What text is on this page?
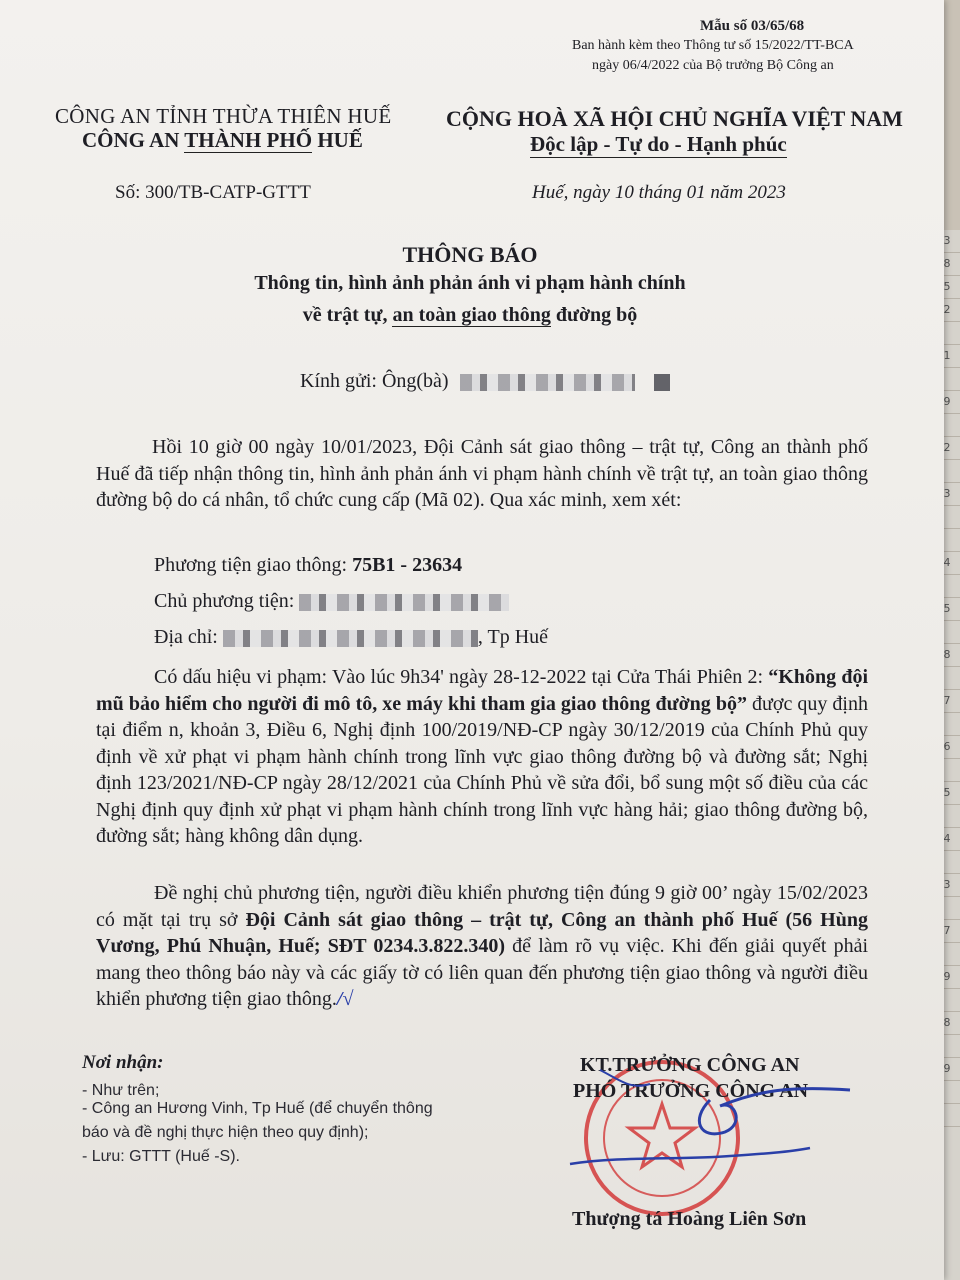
3
8
5
2
1
9
2
3
4
5
8
7
6
5
4
3
7
9
8
9
Mẫu số 03/65/68
Ban hành kèm theo Thông tư số 15/2022/TT-BCA
ngày 06/4/2022 của Bộ trưởng Bộ Công an
CÔNG AN TỈNH THỪA THIÊN HUẾ
CÔNG AN THÀNH PHỐ HUẾ
CỘNG HOÀ XÃ HỘI CHỦ NGHĨA VIỆT NAM
Độc lập - Tự do - Hạnh phúc
Số: 300/TB-CATP-GTTT	Huế, ngày 10 tháng 01 năm 2023
THÔNG BÁO
Thông tin, hình ảnh phản ánh vi phạm hành chính
về trật tự, an toàn giao thông đường bộ
Kính gửi: Ông(bà)
Hồi 10 giờ 00 ngày 10/01/2023, Đội Cảnh sát giao thông – trật tự, Công an thành phố Huế đã tiếp nhận thông tin, hình ảnh phản ánh vi phạm hành chính về trật tự, an toàn giao thông đường bộ do cá nhân, tổ chức cung cấp (Mã 02). Qua xác minh, xem xét:
Phương tiện giao thông: 75B1 - 23634
Chủ phương tiện:
Địa chỉ:	, Tp Huế
Có dấu hiệu vi phạm: Vào lúc 9h34' ngày 28-12-2022 tại Cửa Thái Phiên 2: “Không đội mũ bảo hiểm cho người đi mô tô, xe máy khi tham gia giao thông đường bộ” được quy định tại điểm n, khoản 3, Điều 6, Nghị định 100/2019/NĐ-CP ngày 30/12/2019 của Chính Phủ quy định về xử phạt vi phạm hành chính trong lĩnh vực giao thông đường bộ và đường sắt; Nghị định 123/2021/NĐ-CP ngày 28/12/2021 của Chính Phủ về sửa đổi, bổ sung một số điều của các Nghị định quy định xử phạt vi phạm hành chính trong lĩnh vực hàng hải; giao thông đường bộ, đường sắt; hàng không dân dụng.
Đề nghị chủ phương tiện, người điều khiển phương tiện đúng 9 giờ 00’ ngày 15/02/2023 có mặt tại trụ sở Đội Cảnh sát giao thông – trật tự, Công an thành phố Huế (56 Hùng Vương, Phú Nhuận, Huế; SĐT 0234.3.822.340) để làm rõ vụ việc. Khi đến giải quyết phải mang theo thông báo này và các giấy tờ có liên quan đến phương tiện giao thông và người điều khiển phương tiện giao thông./√
Nơi nhận:
- Như trên;
- Công an Hương Vinh, Tp Huế (để chuyển thông
báo và đề nghị thực hiện theo quy định);
- Lưu: GTTT (Huế -S).
KT.TRƯỞNG CÔNG AN
PHÓ TRƯỞNG CÔNG AN
Thượng tá Hoàng Liên Sơn
